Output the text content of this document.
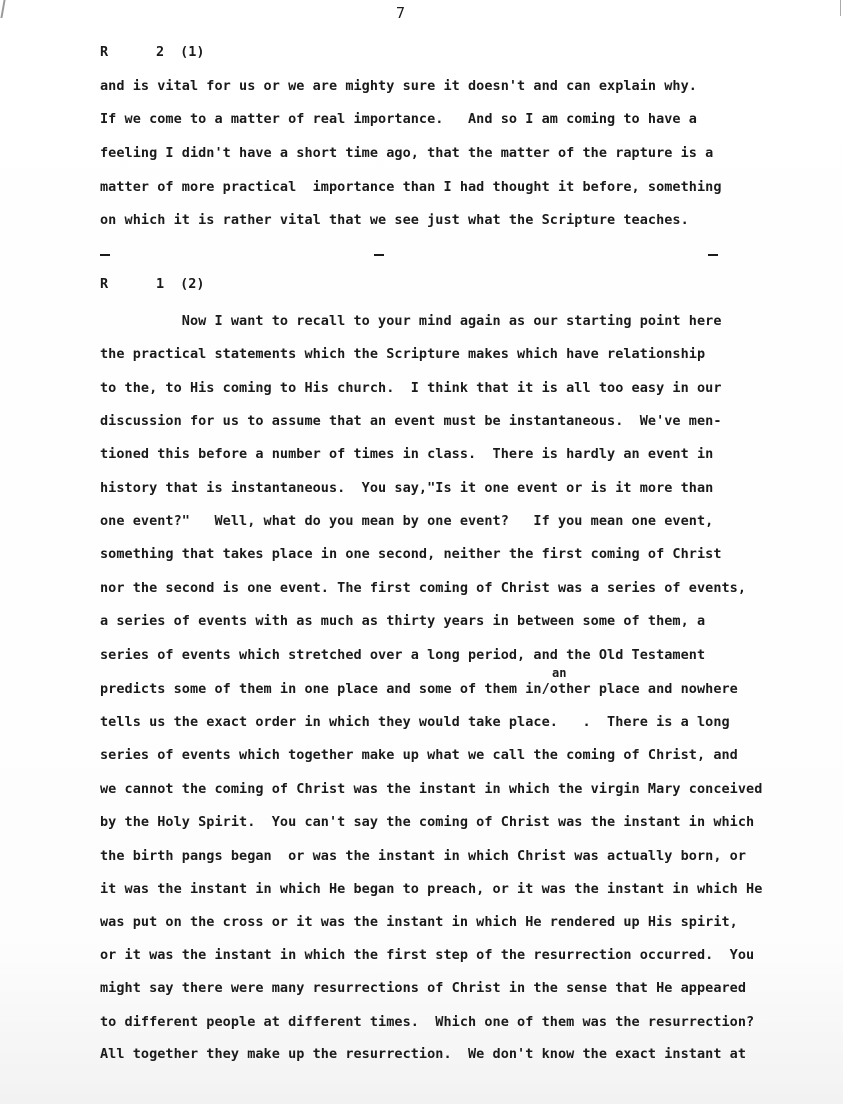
7
R	2 (1)
and is vital for us or we are mighty sure it doesn't and can explain why.
If we come to a matter of real importance.   And so I am coming to have a
feeling I didn't have a short time ago, that the matter of the rapture is a
matter of more practical  importance than I had thought it before, something
on which it is rather vital that we see just what the Scripture teaches.
R	1 (2)
Now I want to recall to your mind again as our starting point here
the practical statements which the Scripture makes which have relationship
to the, to His coming to His church.  I think that it is all too easy in our
discussion for us to assume that an event must be instantaneous.  We've men-
tioned this before a number of times in class.  There is hardly an event in
history that is instantaneous.  You say,"Is it one event or is it more than
one event?"   Well, what do you mean by one event?   If you mean one event,
something that takes place in one second, neither the first coming of Christ
nor the second is one event. The first coming of Christ was a series of events,
a series of events with as much as thirty years in between some of them, a
series of events which stretched over a long period, and the Old Testament
an
predicts some of them in one place and some of them in/other place and nowhere
tells us the exact order in which they would take place.   .  There is a long
series of events which together make up what we call the coming of Christ, and
we cannot the coming of Christ was the instant in which the virgin Mary conceived
by the Holy Spirit.  You can't say the coming of Christ was the instant in which
the birth pangs began  or was the instant in which Christ was actually born, or
it was the instant in which He began to preach, or it was the instant in which He
was put on the cross or it was the instant in which He rendered up His spirit,
or it was the instant in which the first step of the resurrection occurred.  You
might say there were many resurrections of Christ in the sense that He appeared
to different people at different times.  Which one of them was the resurrection?
All together they make up the resurrection.  We don't know the exact instant at
